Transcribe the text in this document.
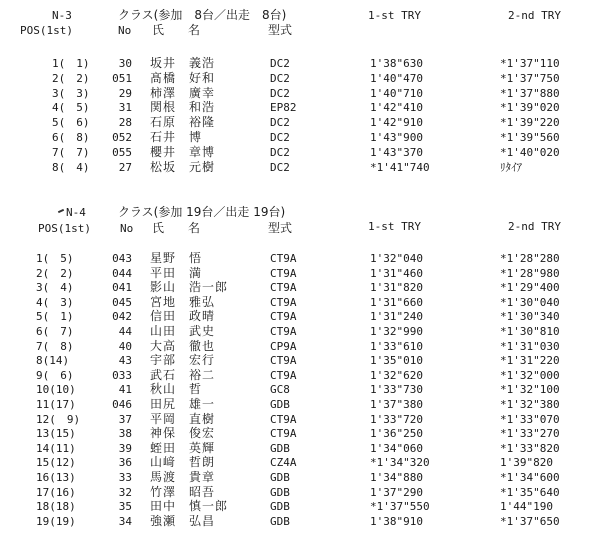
N-3	クラス(参加　8台／出走　8台)	1-st TRY	2-nd TRY
POS(1st)	No 氏　　名	型式
1(　1)	30 坂井　義浩	DC2	1'38"630	*1'37"110
2(　2)	051 髙橋　好和	DC2	1'40"470	*1'37"750
3(　3)	29 柿澤　廣幸	DC2	1'40"710	*1'37"880
4(　5)	31 関根　和浩	EP82	1'42"410	*1'39"020
5(　6)	28 石原　裕隆	DC2	1'42"910	*1'39"220
6(　8)	052 石井　博	DC2	1'43"900	*1'39"560
7(　7)	055 櫻井　章博	DC2	1'43"370	*1'40"020
8(　4)	27 松坂　元樹	DC2	*1'41"740	ﾘﾀｲｱ
N-4	クラス(参加 19台／出走 19台)
1-st TRY	2-nd TRY
POS(1st)	No 氏　　名	型式
1(　5)	043 星野　悟	CT9A	1'32"040	*1'28"280
2(　2)	044 平田　満	CT9A	1'31"460	*1'28"980
3(　4)	041 影山　浩一郎	CT9A	1'31"820	*1'29"400
4(　3)	045 宮地　雅弘	CT9A	1'31"660	*1'30"040
5(　1)	042 信田　政晴	CT9A	1'31"240	*1'30"340
6(　7)	44 山田　武史	CT9A	1'32"990	*1'30"810
7(　8)	40 大高　徹也	CP9A	1'33"610	*1'31"030
8(14)	43 宇部　宏行	CT9A	1'35"010	*1'31"220
9(　6)	033 武石　裕二	CT9A	1'32"620	*1'32"000
10(10)	41 秋山　哲	GC8	1'33"730	*1'32"100
11(17)	046 田尻　雄一	GDB	1'37"380	*1'32"380
12(　9)	37 平岡　直樹	CT9A	1'33"720	*1'33"070
13(15)	38 神保　俊宏	CT9A	1'36"250	*1'33"270
14(11)	39 蛭田　英輝	GDB	1'34"060	*1'33"820
15(12)	36 山﨑　哲朗	CZ4A	*1'34"320	1'39"820
16(13)	33 馬渡　貴章	GDB	1'34"880	*1'34"600
17(16)	32 竹澤　昭吾	GDB	1'37"290	*1'35"640
18(18)	35 田中　慎一郎	GDB	*1'37"550	1'44"190
19(19)	34 強瀬　弘昌	GDB	1'38"910	*1'37"650
